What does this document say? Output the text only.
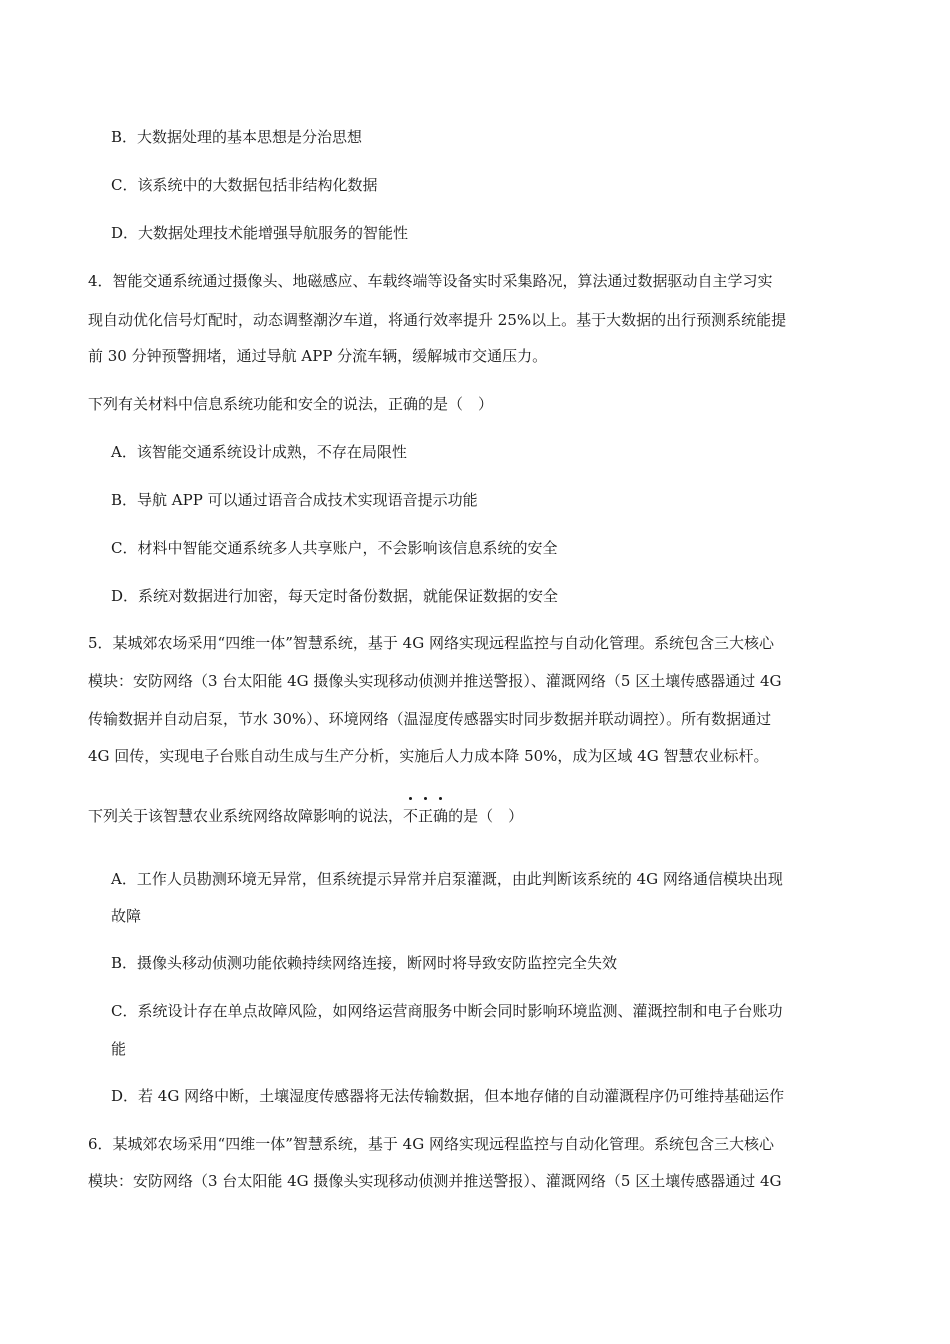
B．大数据处理的基本思想是分治思想
C．该系统中的大数据包括非结构化数据
D．大数据处理技术能增强导航服务的智能性
4．智能交通系统通过摄像头、地磁感应、车载终端等设备实时采集路况，算法通过数据驱动自主学习实
现自动优化信号灯配时，动态调整潮汐车道，将通行效率提升 25%以上。基于大数据的出行预测系统能提
前 30 分钟预警拥堵，通过导航 APP 分流车辆，缓解城市交通压力。
下列有关材料中信息系统功能和安全的说法，正确的是（　）
A．该智能交通系统设计成熟，不存在局限性
B．导航 APP 可以通过语音合成技术实现语音提示功能
C．材料中智能交通系统多人共享账户，不会影响该信息系统的安全
D．系统对数据进行加密，每天定时备份数据，就能保证数据的安全
5．某城郊农场采用“四维一体”智慧系统，基于 4G 网络实现远程监控与自动化管理。系统包含三大核心
模块：安防网络（3 台太阳能 4G 摄像头实现移动侦测并推送警报）、灌溉网络（5 区土壤传感器通过 4G
传输数据并自动启泵，节水 30%）、环境网络（温湿度传感器实时同步数据并联动调控）。所有数据通过
4G 回传，实现电子台账自动生成与生产分析，实施后人力成本降 50%，成为区域 4G 智慧农业标杆。
下列关于该智慧农业系统网络故障影响的说法，
不
正
确的是（　）
A．工作人员勘测环境无异常，但系统提示异常并启泵灌溉，由此判断该系统的 4G 网络通信模块出现
故障
B．摄像头移动侦测功能依赖持续网络连接，断网时将导致安防监控完全失效
C．系统设计存在单点故障风险，如网络运营商服务中断会同时影响环境监测、灌溉控制和电子台账功
能
D．若 4G 网络中断，土壤湿度传感器将无法传输数据，但本地存储的自动灌溉程序仍可维持基础运作
6．某城郊农场采用“四维一体”智慧系统，基于 4G 网络实现远程监控与自动化管理。系统包含三大核心
模块：安防网络（3 台太阳能 4G 摄像头实现移动侦测并推送警报）、灌溉网络（5 区土壤传感器通过 4G
